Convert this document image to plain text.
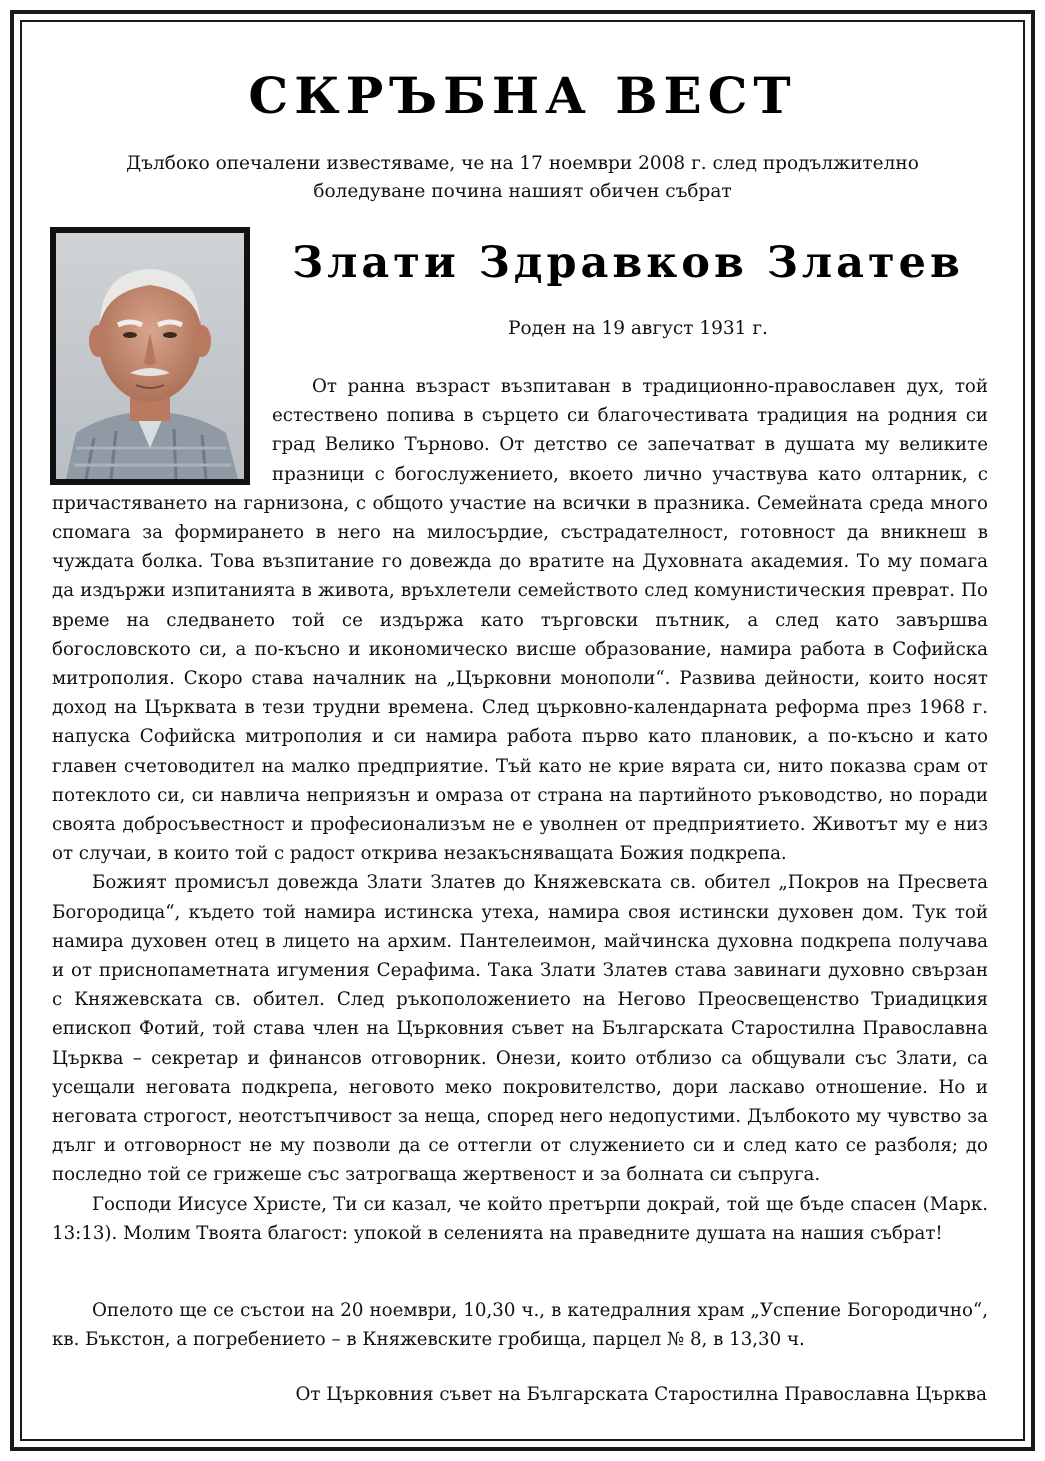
СКРЪБНА ВЕСТ
Дълбоко опечалени известяваме, че на 17 ноември 2008 г. след продължително боледуване почина нашият обичен събрат
Злати Здравков Златев
Роден на 19 август 1931 г.

От ранна възраст възпитаван в традиционно-православен дух, той естествено попива в сърцето си благочестивата традиция на родния си град Велико Търново. От детство се запечатват в душата му великите празници с богослужението, вкоето лично участвува като олтарник, с причастяването на гарнизона, с общото участие на всички в празника. Семейната среда много спомага за формирането в него на милосърдие, състрадателност, готовност да вникнеш в чуждата болка. Това възпитание го довежда до вратите на Духовната академия. То му помага да издържи изпитанията в живота, връхлетели семейството след комунистическия преврат. По време на следването той се издържа като търговски пътник, а след като завършва богословското си, а по-късно и икономическо висше образование, намира работа в Софийска митрополия. Скоро става началник на „Църковни монополи“. Развива дейности, които носят доход на Църквата в тези трудни времена. След църковно-календарната реформа през 1968 г. напуска Софийска митрополия и си намира работа първо като плановик, а по-късно и като главен счетоводител на малко предприятие. Тъй като не крие вярата си, нито показва срам от потеклото си, си навлича неприязън и омраза от страна на партийното ръководство, но поради своята добросъвестност и професионализъм не е уволнен от предприятието. Животът му е низ от случаи, в които той с радост открива незакъсняващата Божия подкрепа.

Божият промисъл довежда Злати Златев до Княжевската св. обител „Покров на Пресвета Богородица“, където той намира истинска утеха, намира своя истински духовен дом. Тук той намира духовен отец в лицето на архим. Пантелеимон, майчинска духовна подкрепа получава и от приснопаметната игумения Серафима. Така Злати Златев става завинаги духовно свързан с Княжевската св. обител. След ръкоположението на Негово Преосвещенство Триадицкия епископ Фотий, той става член на Църковния съвет на Българската Старостилна Православна Църква – секретар и финансов отговорник. Онези, които отблизо са общували със Злати, са усещали неговата подкрепа, неговото меко покровителство, дори ласкаво отношение. Но и неговата строгост, неотстъпчивост за неща, според него недопустими. Дълбокото му чувство за дълг и отговорност не му позволи да се оттегли от служението си и след като се разболя; до последно той се грижеше със затрогваща жертвеност и за болната си съпруга.

Господи Иисусе Христе, Ти си казал, че който претърпи докрай, той ще бъде спасен (Марк. 13:13). Молим Твоята благост: упокой в селенията на праведните душата на нашия събрат!

Опелото ще се състои на 20 ноември, 10,30 ч., в катедралния храм „Успение Богородично“, кв. Бъкстон, а погребението – в Княжевските гробища, парцел № 8, в 13,30 ч.
От Църковния съвет на Българската Старостилна Православна Църква
